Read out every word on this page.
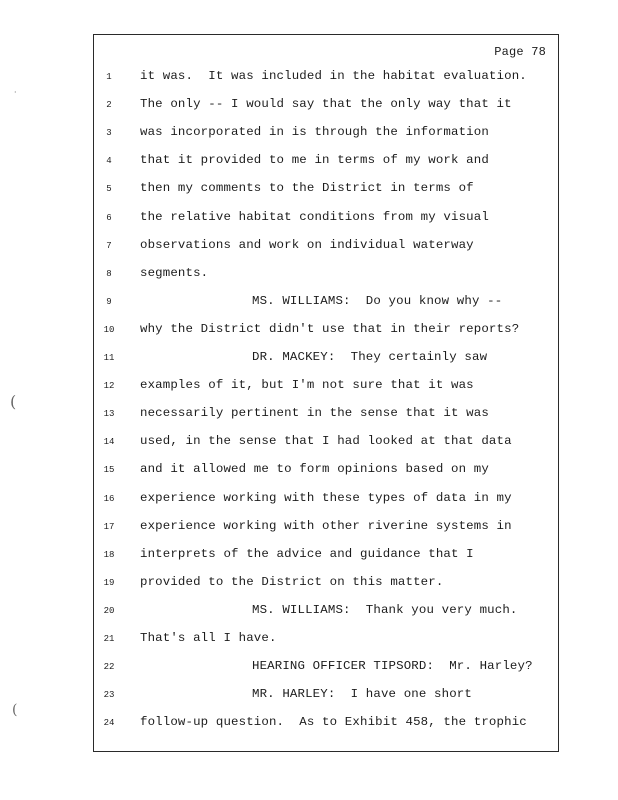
Page 78
1	it was.  It was included in the habitat evaluation.
2	The only -- I would say that the only way that it
3	was incorporated in is through the information
4	that it provided to me in terms of my work and
5	then my comments to the District in terms of
6	the relative habitat conditions from my visual
7	observations and work on individual waterway
8	segments.
9	MS. WILLIAMS:  Do you know why --
10	why the District didn't use that in their reports?
11	DR. MACKEY:  They certainly saw
12	examples of it, but I'm not sure that it was
13	necessarily pertinent in the sense that it was
14	used, in the sense that I had looked at that data
15	and it allowed me to form opinions based on my
16	experience working with these types of data in my
17	experience working with other riverine systems in
18	interprets of the advice and guidance that I
19	provided to the District on this matter.
20	MS. WILLIAMS:  Thank you very much.
21	That's all I have.
22	HEARING OFFICER TIPSORD:  Mr. Harley?
23	MR. HARLEY:  I have one short
24	follow-up question.  As to Exhibit 458, the trophic
·
(
(
